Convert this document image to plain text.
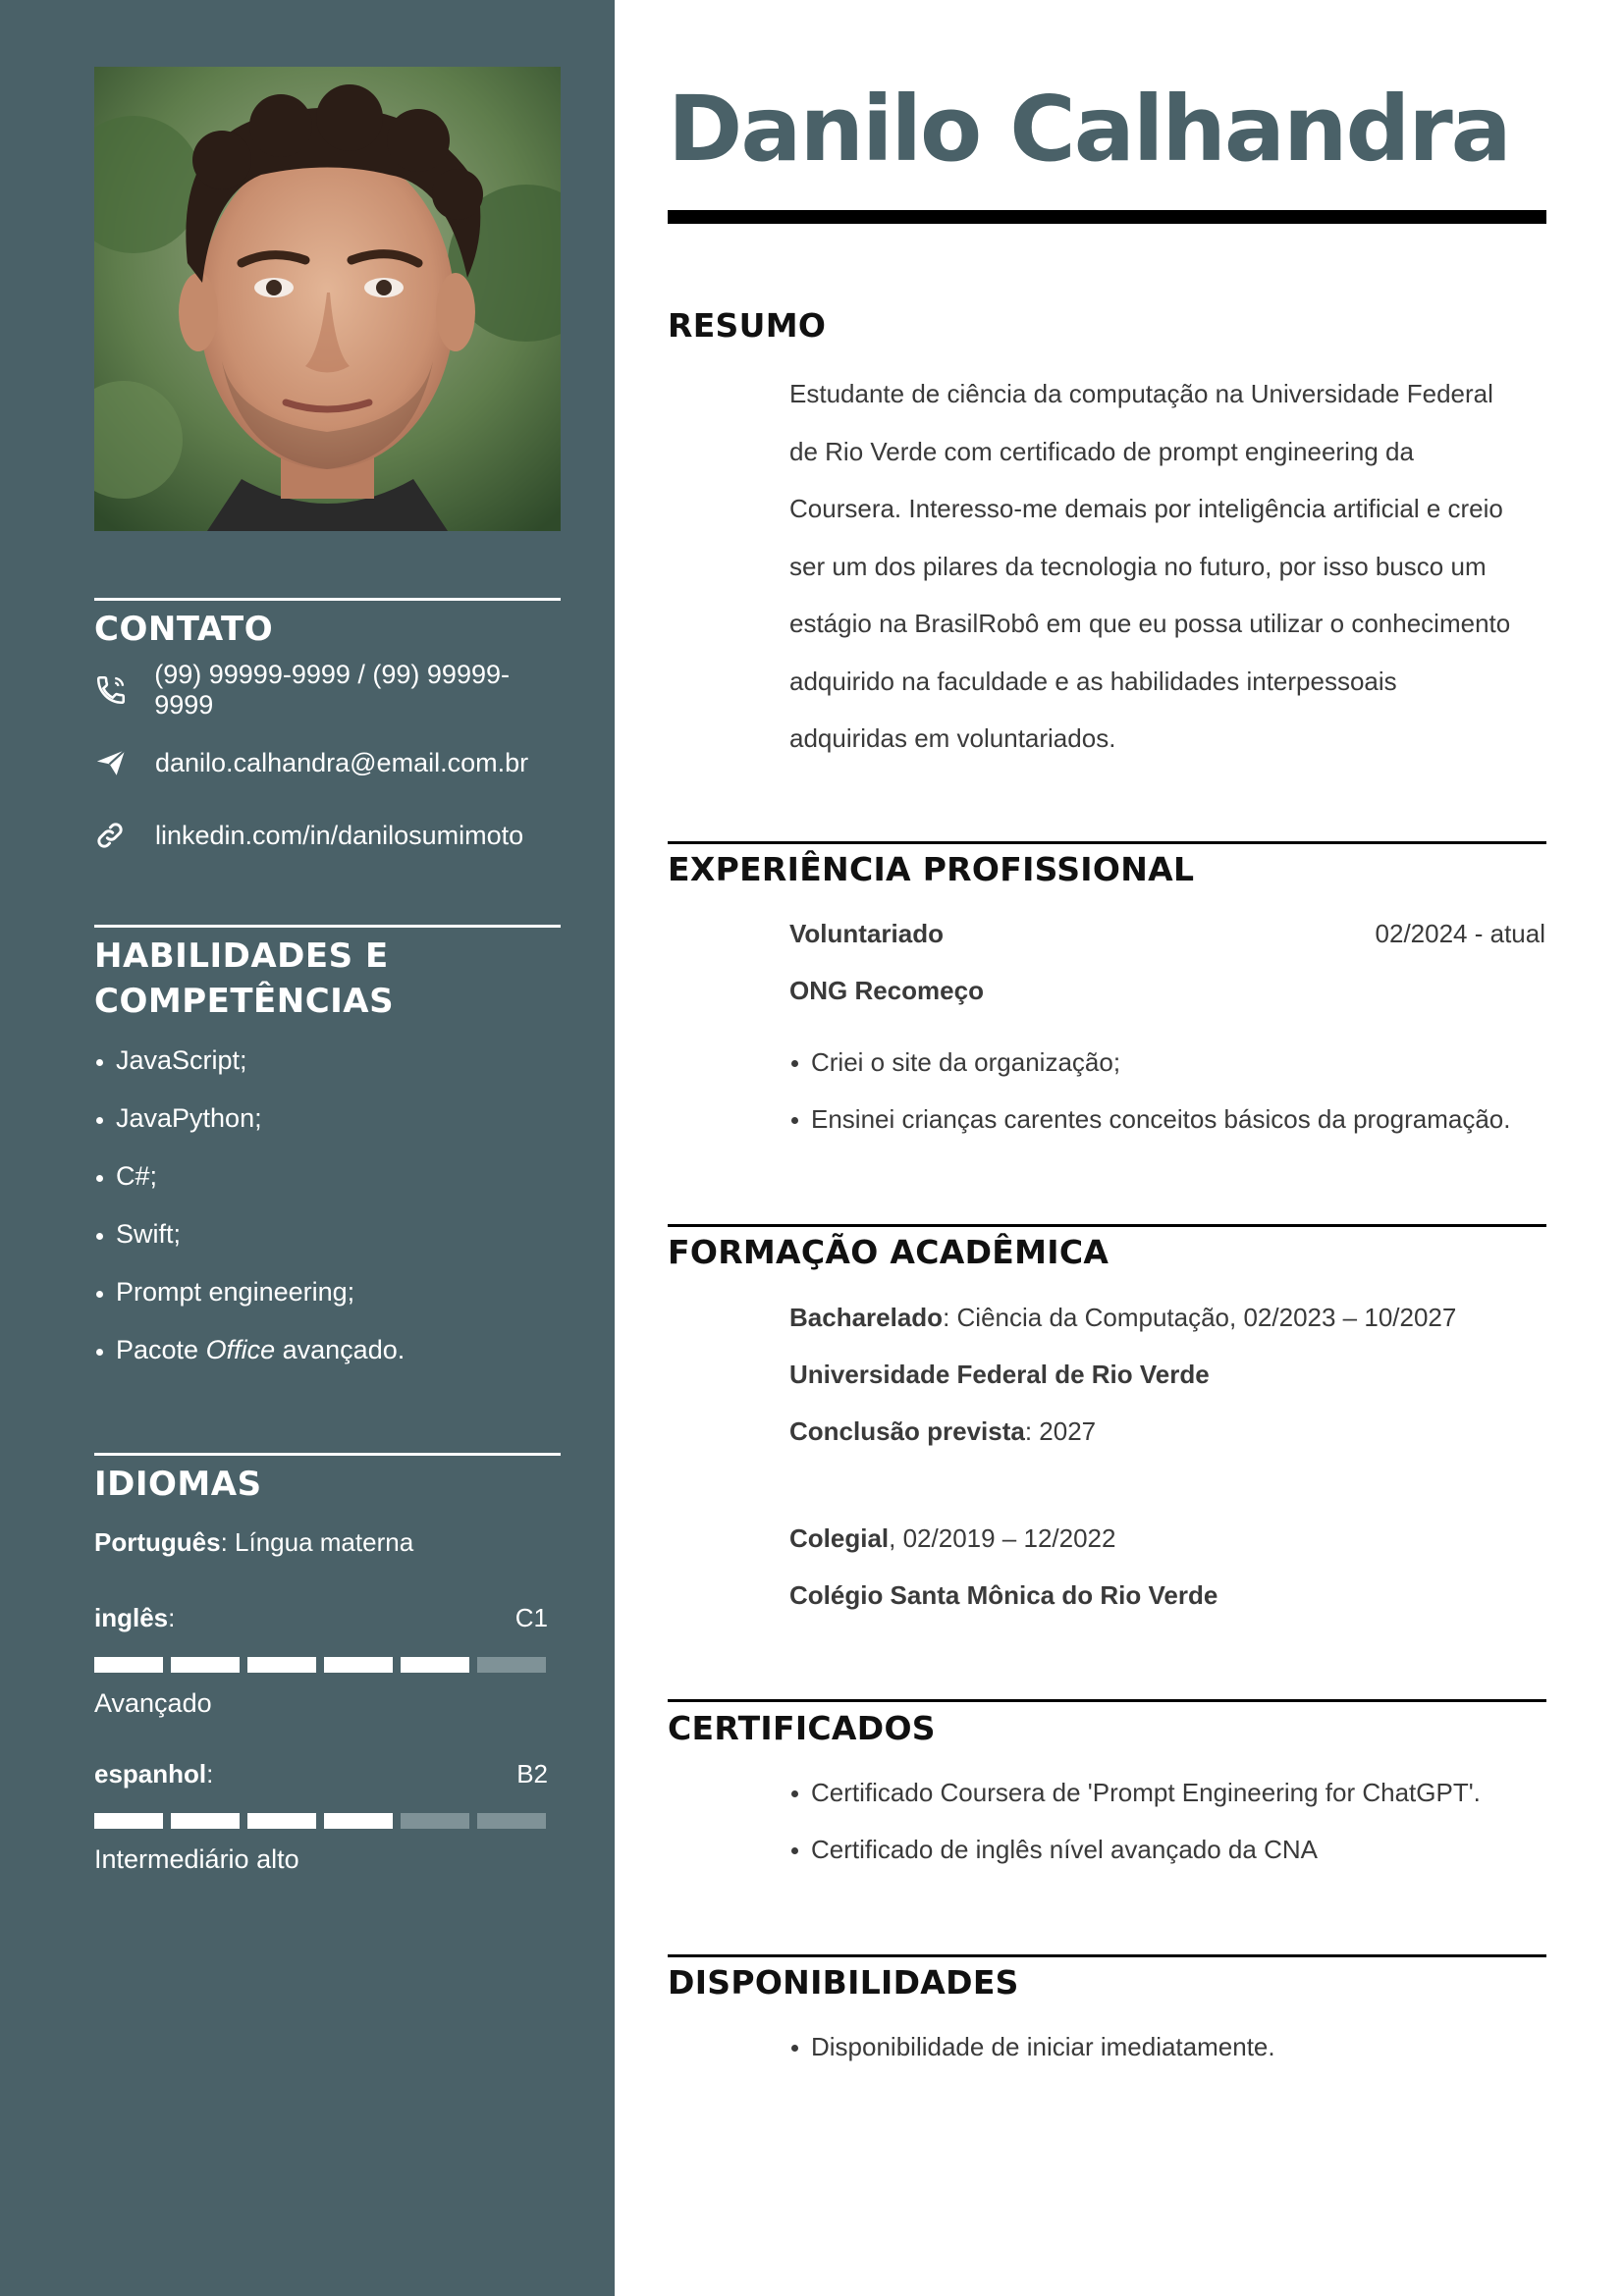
CONTATO
(99) 99999-9999 / (99) 99999-9999
danilo.calhandra@email.com.br
linkedin.com/in/danilosumimoto
HABILIDADES E
COMPETÊNCIAS
JavaScript;
JavaPython;
C#;
Swift;
Prompt engineering;
Pacote Office avançado.
IDIOMAS
Português: Língua materna
inglês:	C1
Avançado
espanhol:	B2
Intermediário alto
Danilo Calhandra
RESUMO
Estudante de ciência da computação na Universidade Federal
de Rio Verde com certificado de prompt engineering da
Coursera. Interesso-me demais por inteligência artificial e creio
ser um dos pilares da tecnologia no futuro, por isso busco um
estágio na BrasilRobô em que eu possa utilizar o conhecimento
adquirido na faculdade e as habilidades interpessoais
adquiridas em voluntariados.
EXPERIÊNCIA PROFISSIONAL
Voluntariado	02/2024 - atual
ONG Recomeço
Criei o site da organização;
Ensinei crianças carentes conceitos básicos da programação.
FORMAÇÃO ACADÊMICA
Bacharelado: Ciência da Computação, 02/2023 – 10/2027
Universidade Federal de Rio Verde
Conclusão prevista: 2027
Colegial, 02/2019 – 12/2022
Colégio Santa Mônica do Rio Verde
CERTIFICADOS
Certificado Coursera de 'Prompt Engineering for ChatGPT'.
Certificado de inglês nível avançado da CNA
DISPONIBILIDADES
Disponibilidade de iniciar imediatamente.
